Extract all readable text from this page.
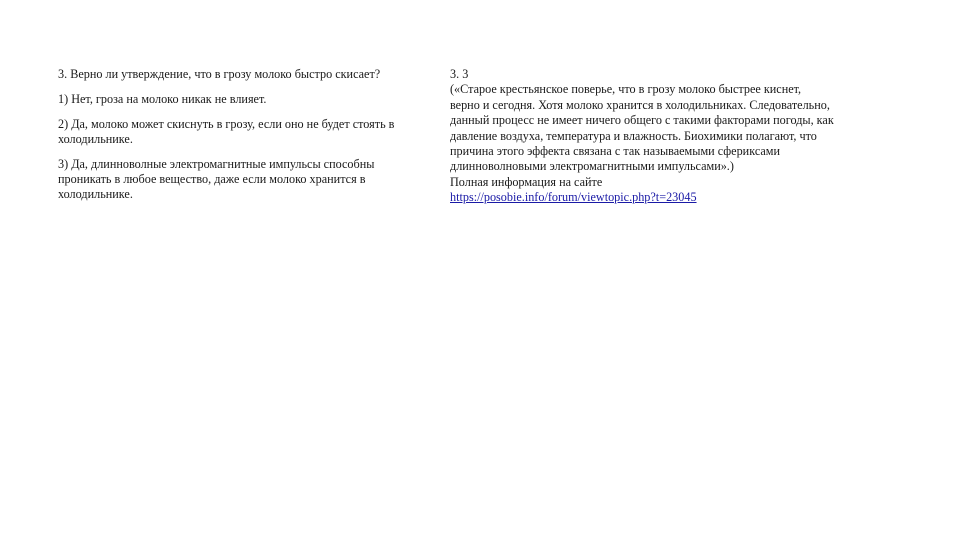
3. Верно ли утверждение, что в грозу молоко быстро скисает?

1) Нет, гроза на молоко никак не влияет.

2) Да, молоко может скиснуть в грозу, если оно не будет стоять в холодильнике.

3) Да, длинноволные электромагнитные импульсы способны проникать в любое вещество, даже если молоко хранится в холодильнике.

3. 3
(«Старое крестьянское поверье, что в грозу молоко быстрее киснет,
верно и сегодня. Хотя молоко хранится в холодильниках. Следовательно,
данный процесс не имеет ничего общего с такими факторами погоды, как
давление воздуха, температура и влажность. Биохимики полагают, что
причина этого эффекта связана с так называемыми сфериксами
длинноволновыми электромагнитными импульсами».)
Полная информация на сайте
https://posobie.info/forum/viewtopic.php?t=23045
